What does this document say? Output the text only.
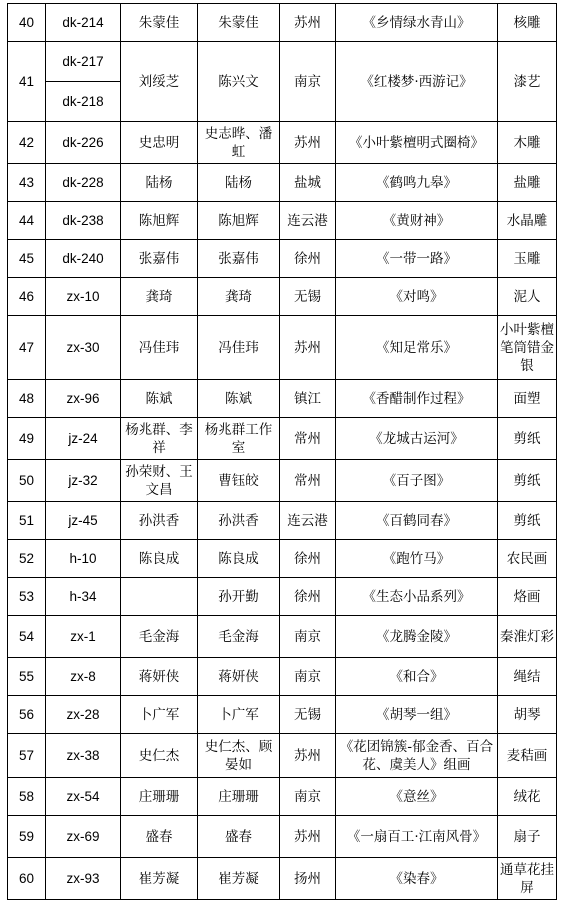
40	dk-214	朱蒙佳	朱蒙佳	苏州	《乡情绿水青山》	核雕
41	dk-217	刘绥芝	陈兴文	南京	《红楼梦·西游记》	漆艺
	dk-218					
42	dk-226	史忠明	史志晔、潘虹	苏州	《小叶紫檀明式圈椅》	木雕
43	dk-228	陆杨	陆杨	盐城	《鹤鸣九皋》	盐雕
44	dk-238	陈旭辉	陈旭辉	连云港	《黄财神》	水晶雕
45	dk-240	张嘉伟	张嘉伟	徐州	《一带一路》	玉雕
46	zx-10	龚琦	龚琦	无锡	《对鸣》	泥人
47	zx-30	冯佳玮	冯佳玮	苏州	《知足常乐》	小叶紫檀笔筒错金银
48	zx-96	陈斌	陈斌	镇江	《香醋制作过程》	面塑
49	jz-24	杨兆群、李祥	杨兆群工作室	常州	《龙城古运河》	剪纸
50	jz-32	孙荣财、王文昌	曹钰皎	常州	《百子图》	剪纸
51	jz-45	孙洪香	孙洪香	连云港	《百鹤同春》	剪纸
52	h-10	陈良成	陈良成	徐州	《跑竹马》	农民画
53	h-34		孙开勤	徐州	《生态小品系列》	烙画
54	zx-1	毛金海	毛金海	南京	《龙腾金陵》	秦淮灯彩
55	zx-8	蒋妍侠	蒋妍侠	南京	《和合》	绳结
56	zx-28	卜广军	卜广军	无锡	《胡琴一组》	胡琴
57	zx-38	史仁杰	史仁杰、顾晏如	苏州	《花团锦簇-郁金香、百合花、虞美人》组画	麦秸画
58	zx-54	庄珊珊	庄珊珊	南京	《意丝》	绒花
59	zx-69	盛春	盛春	苏州	《一扇百工·江南风骨》	扇子
60	zx-93	崔芳凝	崔芳凝	扬州	《染春》	通草花挂屏
